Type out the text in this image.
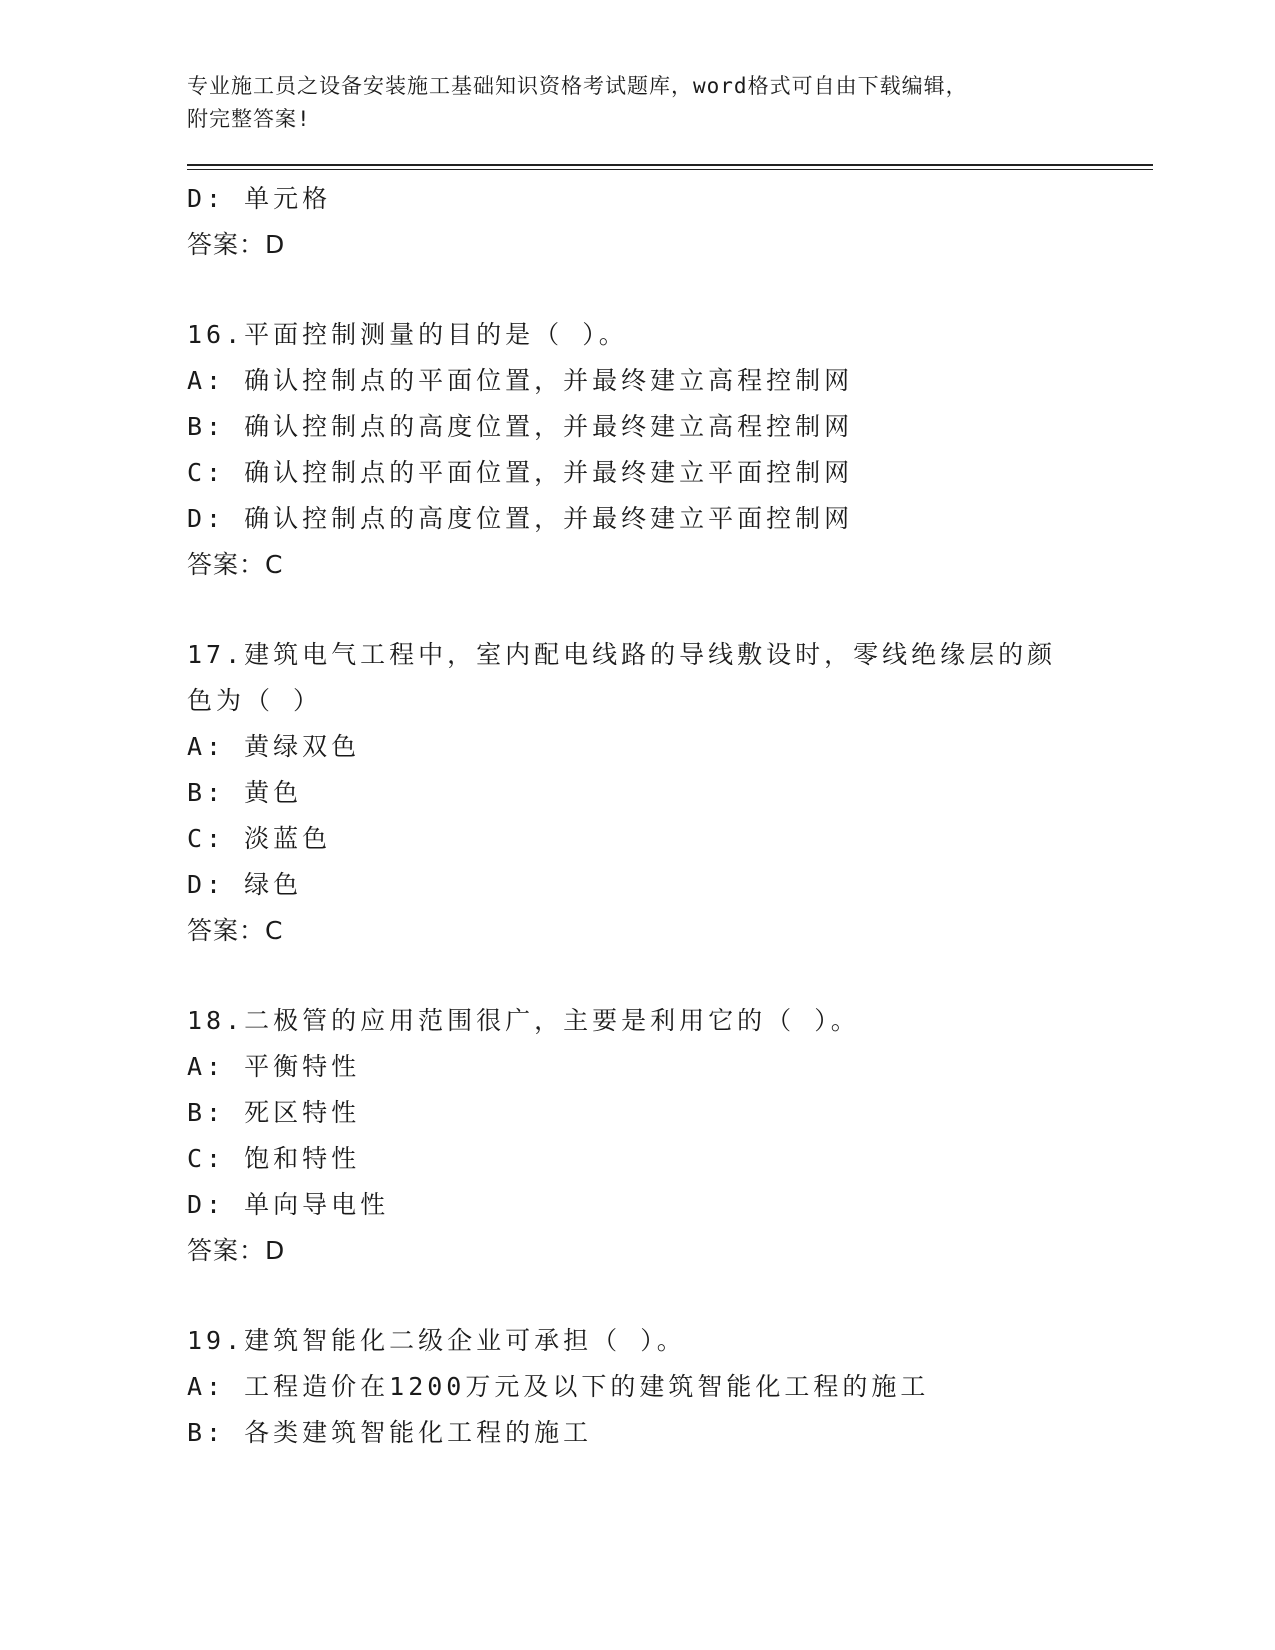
专业施工员之设备安装施工基础知识资格考试题库，word格式可自由下载编辑，
附完整答案!
D: 单元格
答案：D
16.平面控制测量的目的是（ ）。
A: 确认控制点的平面位置，并最终建立高程控制网
B: 确认控制点的高度位置，并最终建立高程控制网
C: 确认控制点的平面位置，并最终建立平面控制网
D: 确认控制点的高度位置，并最终建立平面控制网
答案：C
17.建筑电气工程中，室内配电线路的导线敷设时，零线绝缘层的颜色为（ ）
A: 黄绿双色
B: 黄色
C: 淡蓝色
D: 绿色
答案：C
18.二极管的应用范围很广，主要是利用它的（ ）。
A: 平衡特性
B: 死区特性
C: 饱和特性
D: 单向导电性
答案：D
19.建筑智能化二级企业可承担（ ）。
A: 工程造价在1200万元及以下的建筑智能化工程的施工
B: 各类建筑智能化工程的施工
